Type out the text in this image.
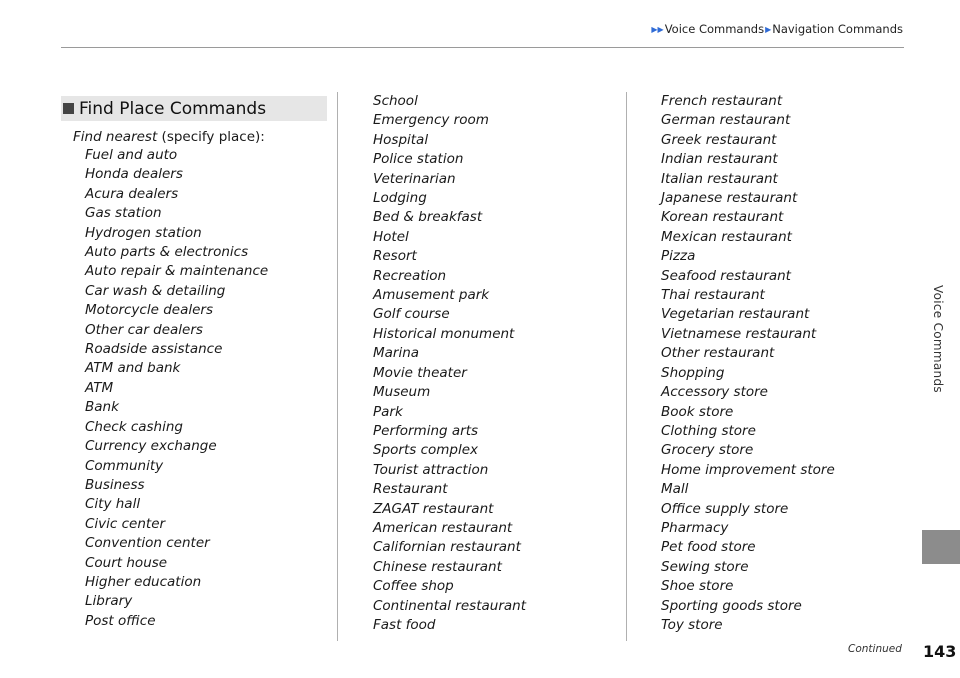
▶▶Voice Commands▶Navigation Commands
Voice Commands
Find Place Commands
Find nearest (specify place):
Fuel and auto
Honda dealers
Acura dealers
Gas station
Hydrogen station
Auto parts & electronics
Auto repair & maintenance
Car wash & detailing
Motorcycle dealers
Other car dealers
Roadside assistance
ATM and bank
ATM
Bank
Check cashing
Currency exchange
Community
Business
City hall
Civic center
Convention center
Court house
Higher education
Library
Post office
School
Emergency room
Hospital
Police station
Veterinarian
Lodging
Bed & breakfast
Hotel
Resort
Recreation
Amusement park
Golf course
Historical monument
Marina
Movie theater
Museum
Park
Performing arts
Sports complex
Tourist attraction
Restaurant
ZAGAT restaurant
American restaurant
Californian restaurant
Chinese restaurant
Coffee shop
Continental restaurant
Fast food
French restaurant
German restaurant
Greek restaurant
Indian restaurant
Italian restaurant
Japanese restaurant
Korean restaurant
Mexican restaurant
Pizza
Seafood restaurant
Thai restaurant
Vegetarian restaurant
Vietnamese restaurant
Other restaurant
Shopping
Accessory store
Book store
Clothing store
Grocery store
Home improvement store
Mall
Office supply store
Pharmacy
Pet food store
Sewing store
Shoe store
Sporting goods store
Toy store
Continued 143
